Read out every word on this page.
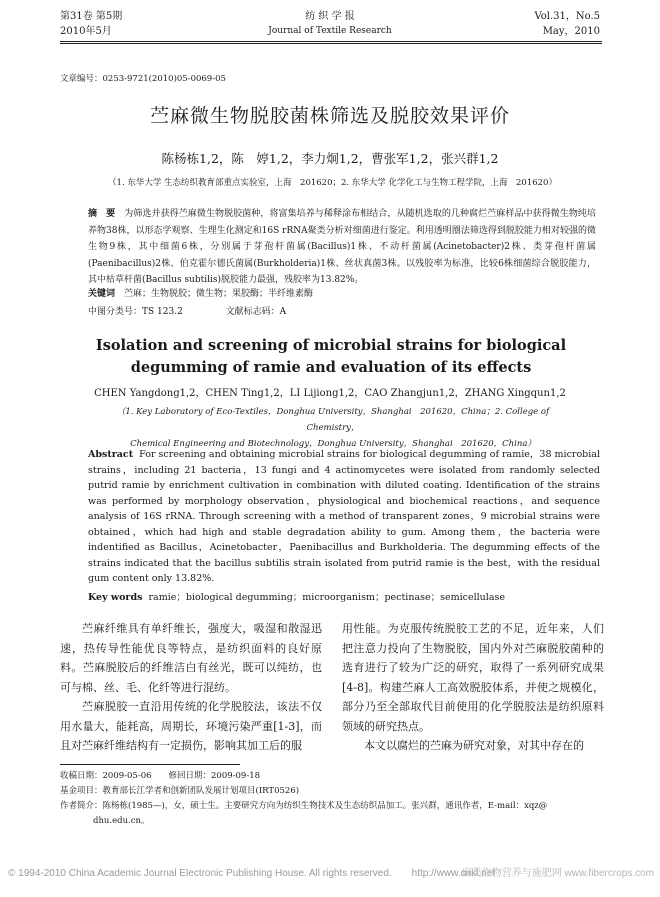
第31卷 第5期
2010年5月
纺 织 学 报
Journal of Textile Research
Vol.31，No.5
May，2010
文章编号：0253-9721(2010)05-0069-05
苎麻微生物脱胶菌株筛选及脱胶效果评价
陈杨栋1,2，陈　婷1,2，李力炯1,2，曹张军1,2，张兴群1,2
（1. 东华大学 生态纺织教育部重点实验室，上海　201620；2. 东华大学 化学化工与生物工程学院，上海　201620）
摘　要　 为筛选并获得苎麻微生物脱胶菌种，将富集培养与稀释涂布相结合，从随机选取的几种腐烂苎麻样品中获得微生物纯培养物38株，以形态学观察、生理生化测定和16S rRNA聚类分析对细菌进行鉴定。利用透明圈法筛选得到脱胶能力相对较强的微生物9株，其中细菌6株，分别属于芽孢杆菌属(Bacillus)1株、不动杆菌属(Acinetobacter)2株、类芽孢杆菌属(Paenibacillus)2株、伯克霍尔德氏菌属(Burkholderia)1株、丝状真菌3株。以残胶率为标准，比较6株细菌综合脱胶能力，其中枯草杆菌(Bacillus subtilis)脱胶能力最强，残胶率为13.82%。
关键词　 苎麻；生物脱胶；微生物；果胶酶；半纤维素酶
中图分类号：TS 123.2	文献标志码：A
Isolation and screening of microbial strains for biological degumming of ramie and evaluation of its effects
CHEN Yangdong1,2，CHEN Ting1,2，LI Lijiong1,2，CAO Zhangjun1,2，ZHANG Xingqun1,2
（1. Key Laboratory of Eco-Textiles，Donghua University，Shanghai　201620，China；2. College of Chemistry，
Chemical Engineering and Biotechnology，Donghua University，Shanghai　201620，China）
Abstract For screening and obtaining microbial strains for biological degumming of ramie，38 microbial strains，including 21 bacteria，13 fungi and 4 actinomycetes were isolated from randomly selected putrid ramie by enrichment cultivation in combination with diluted coating. Identification of the strains was performed by morphology observation，physiological and biochemical reactions，and sequence analysis of 16S rRNA. Through screening with a method of transparent zones，9 microbial strains were obtained，which had high and stable degradation ability to gum. Among them，the bacteria were indentified as Bacillus，Acinetobacter，Paenibacillus and Burkholderia. The degumming effects of the strains indicated that the bacillus subtilis strain isolated from putrid ramie is the best，with the residual gum content only 13.82%.
Key words ramie；biological degumming；microorganism；pectinase；semicellulase

苎麻纤维具有单纤维长，强度大，吸湿和散湿迅速，热传导性能优良等特点，是纺织面料的良好原料。苎麻脱胶后的纤维洁白有丝光，既可以纯纺，也可与棉、丝、毛、化纤等进行混纺。

苎麻脱胶一直沿用传统的化学脱胶法，该法不仅用水量大，能耗高，周期长，环境污染严重[1-3]，而且对苎麻纤维结构有一定损伤，影响其加工后的服

用性能。为克服传统脱胶工艺的不足，近年来，人们把注意力投向了生物脱胶，国内外对苎麻脱胶菌种的选育进行了较为广泛的研究，取得了一系列研究成果[4-8]。构建苎麻人工高效脱胶体系，并使之规模化，部分乃至全部取代目前使用的化学脱胶法是纺织原料领域的研究热点。

本文以腐烂的苎麻为研究对象，对其中存在的

收稿日期：2009-05-06　　修回日期：2009-09-18
基金项目：教育部长江学者和创新团队发展计划项目(IRT0526)
作者简介：陈杨栋(1985—)，女，硕士生。主要研究方向为纺织生物技术及生态纺织品加工。张兴群，通讯作者，E-mail：xqz@
dhu.edu.cn。
© 1994-2010 China Academic Journal Electronic Publishing House. All rights reserved.　　http://www.cnki.net
麻类作物营养与施肥网 www.fibercrops.com
